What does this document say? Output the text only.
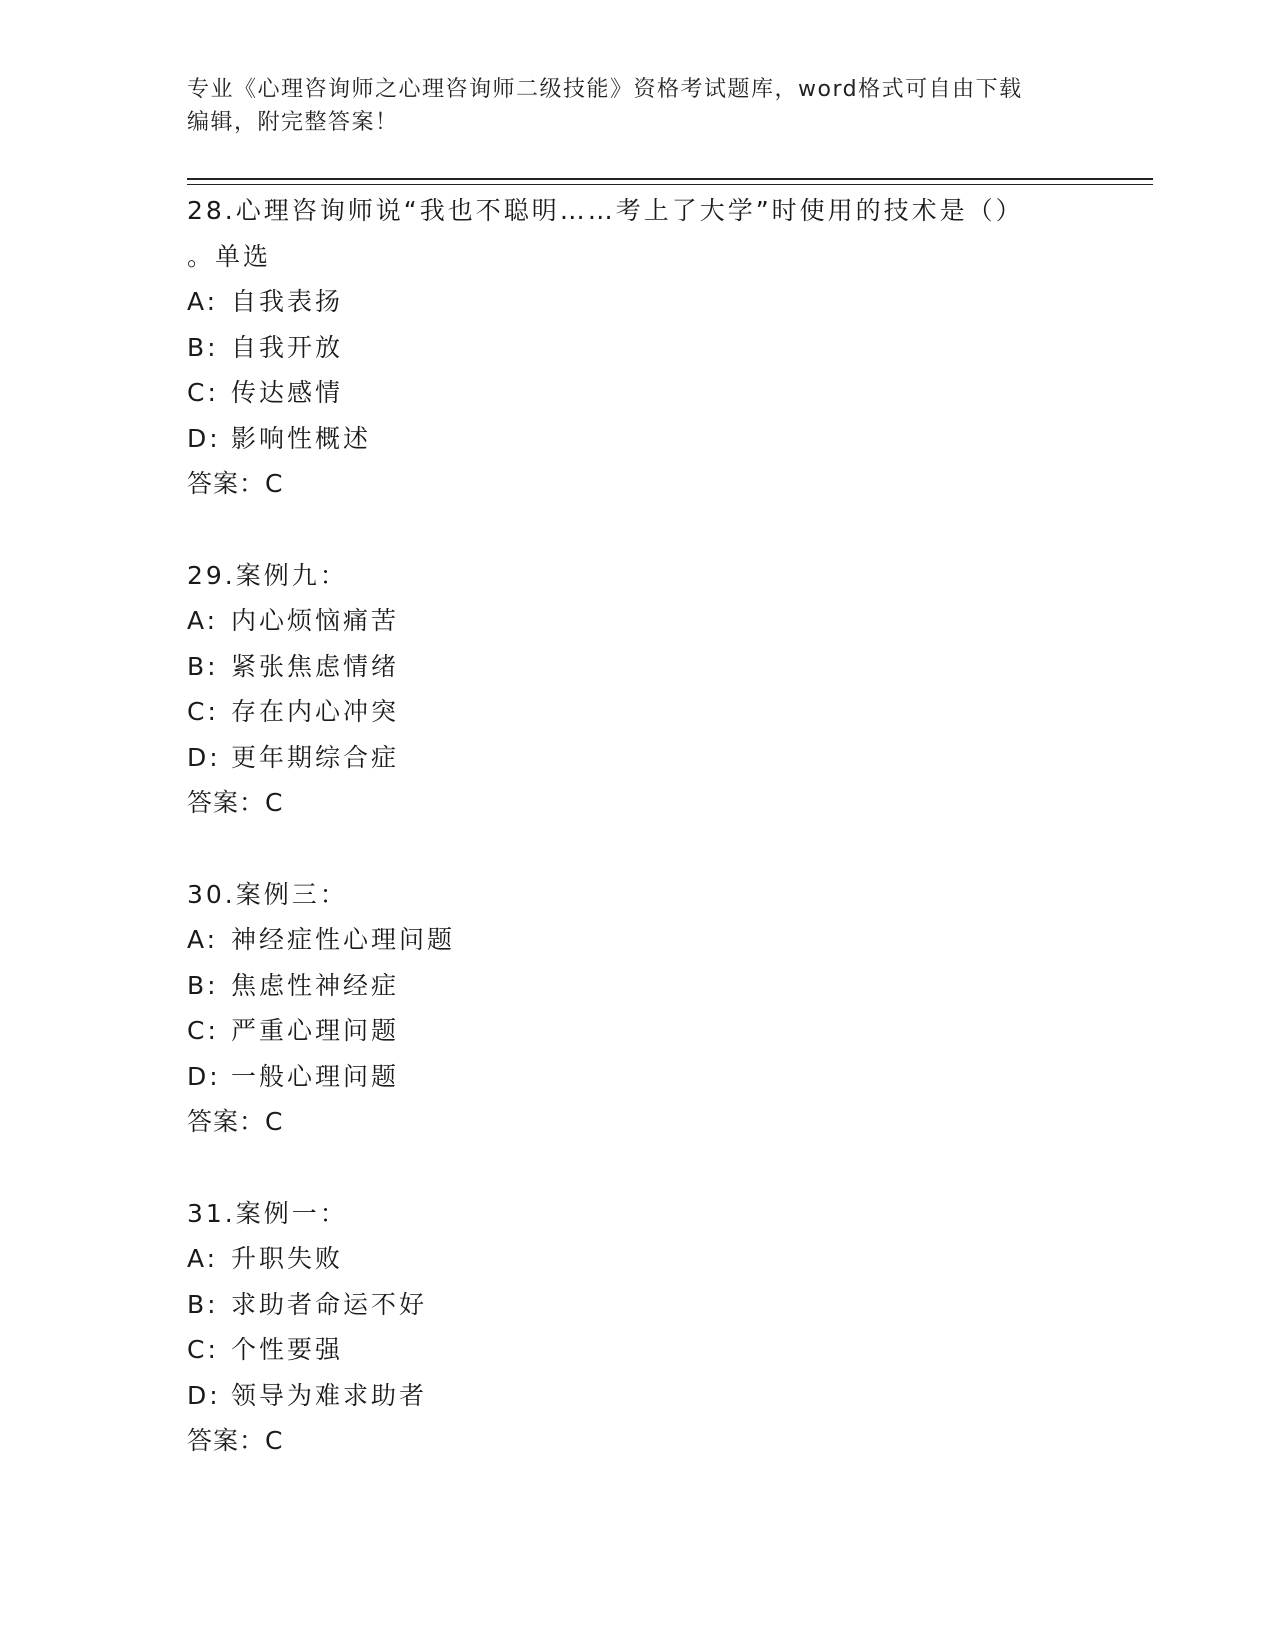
专业《心理咨询师之心理咨询师二级技能》资格考试题库，word格式可自由下载
编辑，附完整答案！
28.心理咨询师说“我也不聪明……考上了大学”时使用的技术是（）
。单选
A: 自我表扬
B: 自我开放
C: 传达感情
D: 影响性概述
答案：C
29.案例九：
A: 内心烦恼痛苦
B: 紧张焦虑情绪
C: 存在内心冲突
D: 更年期综合症
答案：C
30.案例三：
A: 神经症性心理问题
B: 焦虑性神经症
C: 严重心理问题
D: 一般心理问题
答案：C
31.案例一：
A: 升职失败
B: 求助者命运不好
C: 个性要强
D: 领导为难求助者
答案：C
